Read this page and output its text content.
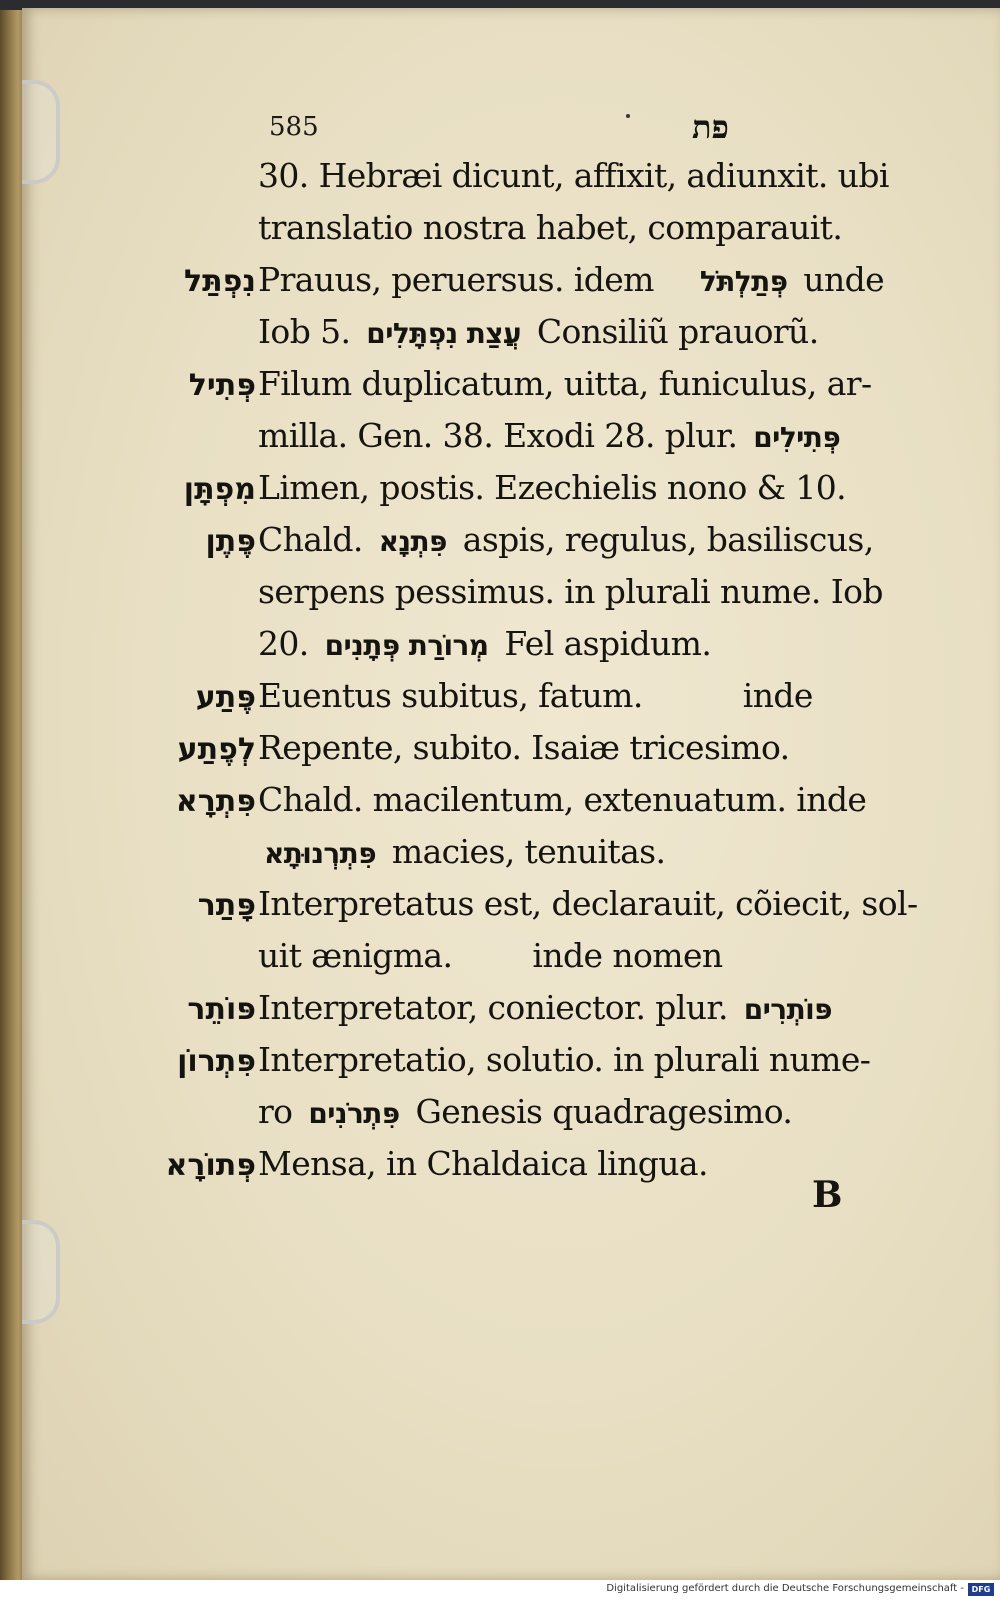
585	פת
30. Hebræi dicunt, affixit, adiunxit. ubi
translatio nostra habet, comparauit.
נִפְתַּל Prauus, peruersus. idem פְּתַלְתֹּל unde
Iob 5. עֲצַת נִפְתָּלִים Consiliũ prauorũ.
פְּתִיל Filum duplicatum, uitta, funiculus, ar-
milla. Gen. 38. Exodi 28. plur. פְּתִילִים
מִפְתָּן Limen, postis. Ezechielis nono & 10.
פֶּתֶן Chald. פִּתְנָא aspis, regulus, basiliscus,
serpens pessimus. in plurali nume. Iob
20. מְרוֹרַת פְּתָנִים Fel aspidum.
פֶּתַע Euentus subitus, fatum.	inde
לְפֶתַע Repente, subito. Isaiæ tricesimo.
פִּתְרָא Chald. macilentum, extenuatum. inde
פִּתְרְנוּתָא macies, tenuitas.
פָּתַר Interpretatus est, declarauit, cõiecit, sol-
uit ænigma. inde nomen
פּוֹתֵר Interpretator, coniector. plur. פּוֹתְרִים
פִּתְרוֹן Interpretatio, solutio. in plurali nume-
ro פִּתְרֹנִים Genesis quadragesimo.
פְּתוֹרָא Mensa, in Chaldaica lingua.
B
Digitalisierung gefördert durch die Deutsche Forschungsgemeinschaft - DFG
